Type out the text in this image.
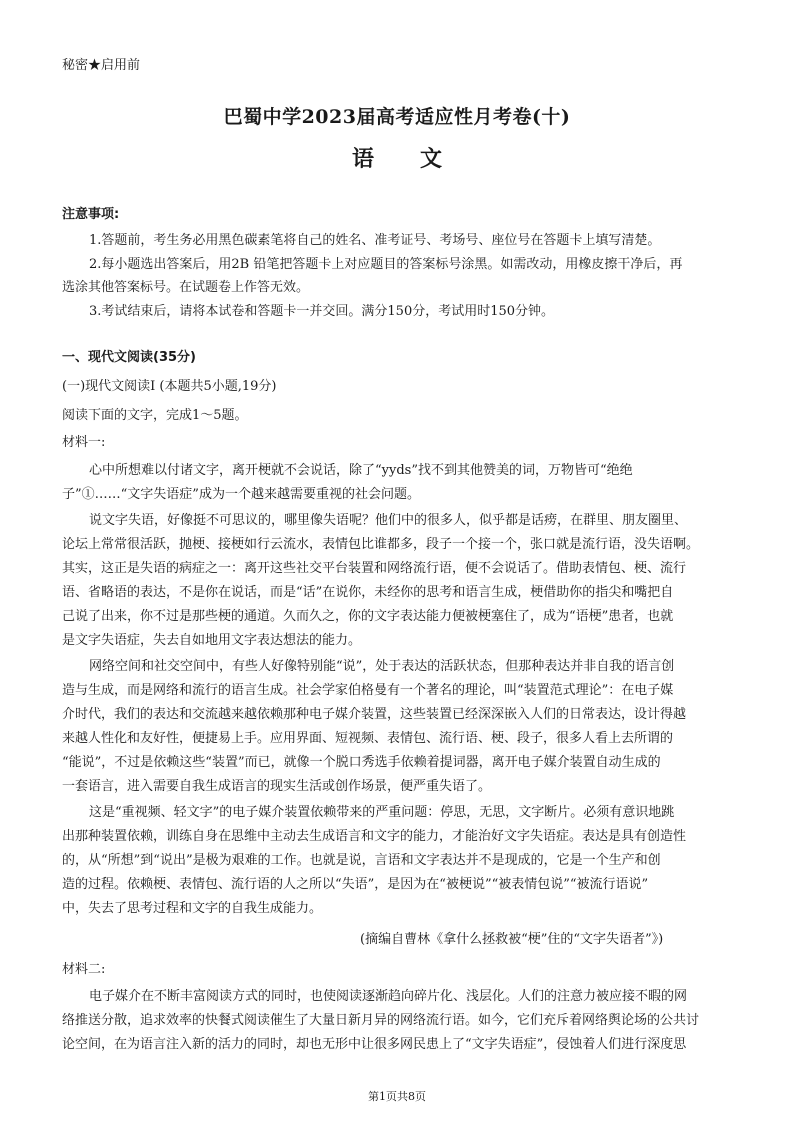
秘密★启用前
巴蜀中学2023届高考适应性月考卷(十)
语 文
注意事项:
1.答题前，考生务必用黑色碳素笔将自己的姓名、准考证号、考场号、座位号在答题卡上填写清楚。
2.每小题选出答案后，用2B 铅笔把答题卡上对应题目的答案标号涂黑。如需改动，用橡皮擦干净后，再
选涂其他答案标号。在试题卷上作答无效。
3.考试结束后，请将本试卷和答题卡一并交回。满分150分，考试用时150分钟。
一、现代文阅读(35分)
(一)现代文阅读Ⅰ (本题共5小题,19分)
阅读下面的文字，完成1～5题。
材料一:
心中所想难以付诸文字，离开梗就不会说话，除了“yyds”找不到其他赞美的词，万物皆可“绝绝
子”①……“文字失语症”成为一个越来越需要重视的社会问题。
说文字失语，好像挺不可思议的，哪里像失语呢？他们中的很多人，似乎都是话痨，在群里、朋友圈里、
论坛上常常很活跃，抛梗、接梗如行云流水，表情包比谁都多，段子一个接一个，张口就是流行语，没失语啊。
其实，这正是失语的病症之一：离开这些社交平台装置和网络流行语，便不会说话了。借助表情包、梗、流行
语、省略语的表达，不是你在说话，而是“话”在说你，未经你的思考和语言生成，梗借助你的指尖和嘴把自
己说了出来，你不过是那些梗的通道。久而久之，你的文字表达能力便被梗塞住了，成为“语梗”患者，也就
是文字失语症，失去自如地用文字表达想法的能力。
网络空间和社交空间中，有些人好像特别能“说”，处于表达的活跃状态，但那种表达并非自我的语言创
造与生成，而是网络和流行的语言生成。社会学家伯格曼有一个著名的理论，叫“装置范式理论”：在电子媒
介时代，我们的表达和交流越来越依赖那种电子媒介装置，这些装置已经深深嵌入人们的日常表达，设计得越
来越人性化和友好性，便捷易上手。应用界面、短视频、表情包、流行语、梗、段子，很多人看上去所谓的
“能说”，不过是依赖这些“装置”而已，就像一个脱口秀选手依赖着提词器，离开电子媒介装置自动生成的
一套语言，进入需要自我生成语言的现实生活或创作场景，便严重失语了。
这是“重视频、轻文字”的电子媒介装置依赖带来的严重问题：停思，无思，文字断片。必须有意识地跳
出那种装置依赖，训练自身在思维中主动去生成语言和文字的能力，才能治好文字失语症。表达是具有创造性
的，从“所想”到“说出”是极为艰难的工作。也就是说，言语和文字表达并不是现成的，它是一个生产和创
造的过程。依赖梗、表情包、流行语的人之所以“失语”，是因为在“被梗说”“被表情包说”“被流行语说”
中，失去了思考过程和文字的自我生成能力。
(摘编自曹林《拿什么拯救被“梗”住的“文字失语者”》)
材料二:
电子媒介在不断丰富阅读方式的同时，也使阅读逐渐趋向碎片化、浅层化。人们的注意力被应接不暇的网
络推送分散，追求效率的快餐式阅读催生了大量日新月异的网络流行语。如今，它们充斥着网络舆论场的公共讨
论空间，在为语言注入新的活力的同时，却也无形中让很多网民患上了“文字失语症”，侵蚀着人们进行深度思
第1页共8页
